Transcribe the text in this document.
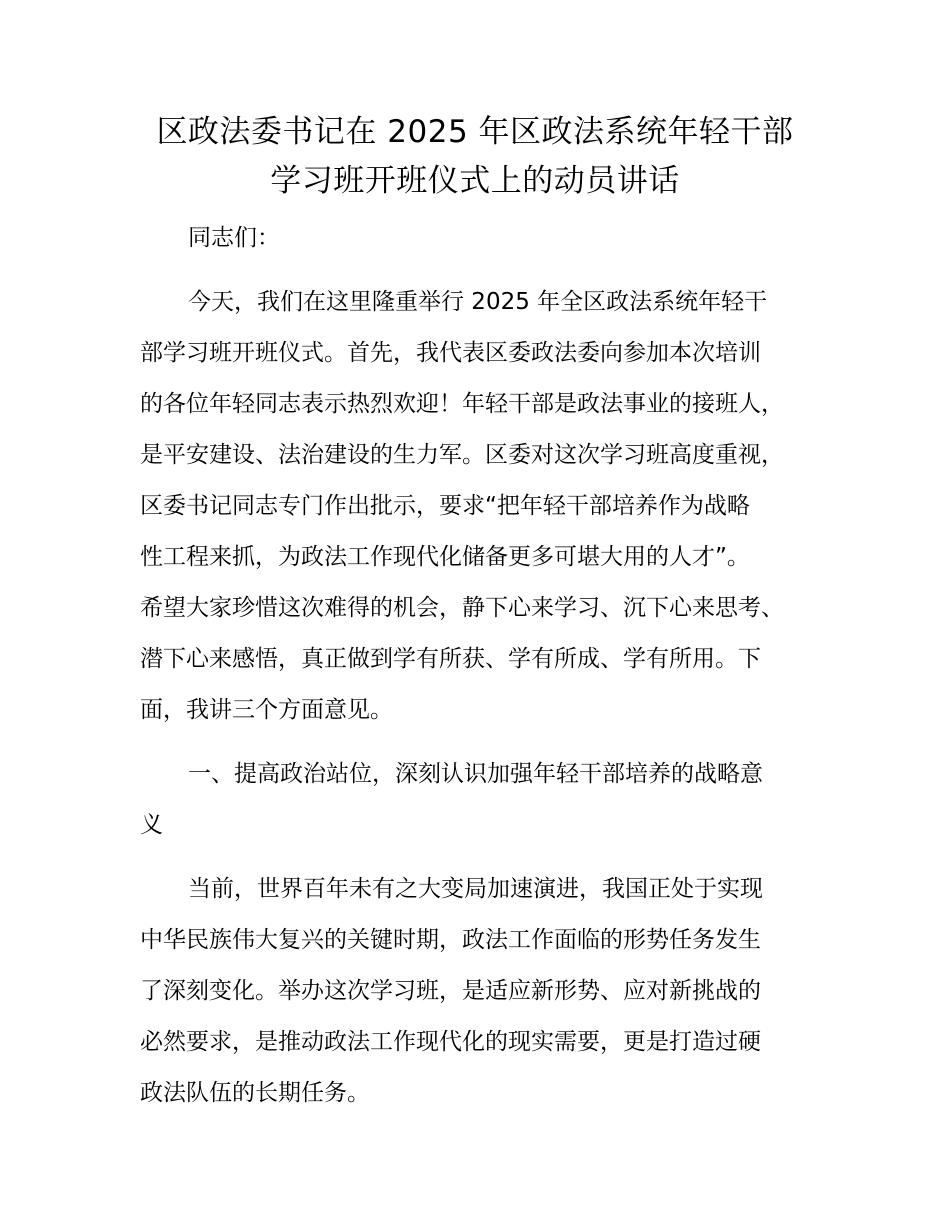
区政法委书记在 2025 年区政法系统年轻干部
学习班开班仪式上的动员讲话
同志们：
今天，我们在这里隆重举行 2025 年全区政法系统年轻干
部学习班开班仪式。首先，我代表区委政法委向参加本次培训
的各位年轻同志表示热烈欢迎！年轻干部是政法事业的接班人，
是平安建设、法治建设的生力军。区委对这次学习班高度重视，
区委书记同志专门作出批示，要求“把年轻干部培养作为战略
性工程来抓，为政法工作现代化储备更多可堪大用的人才”。
希望大家珍惜这次难得的机会，静下心来学习、沉下心来思考、
潜下心来感悟，真正做到学有所获、学有所成、学有所用。下
面，我讲三个方面意见。
一、提高政治站位，深刻认识加强年轻干部培养的战略意
义
当前，世界百年未有之大变局加速演进，我国正处于实现
中华民族伟大复兴的关键时期，政法工作面临的形势任务发生
了深刻变化。举办这次学习班，是适应新形势、应对新挑战的
必然要求，是推动政法工作现代化的现实需要，更是打造过硬
政法队伍的长期任务。
